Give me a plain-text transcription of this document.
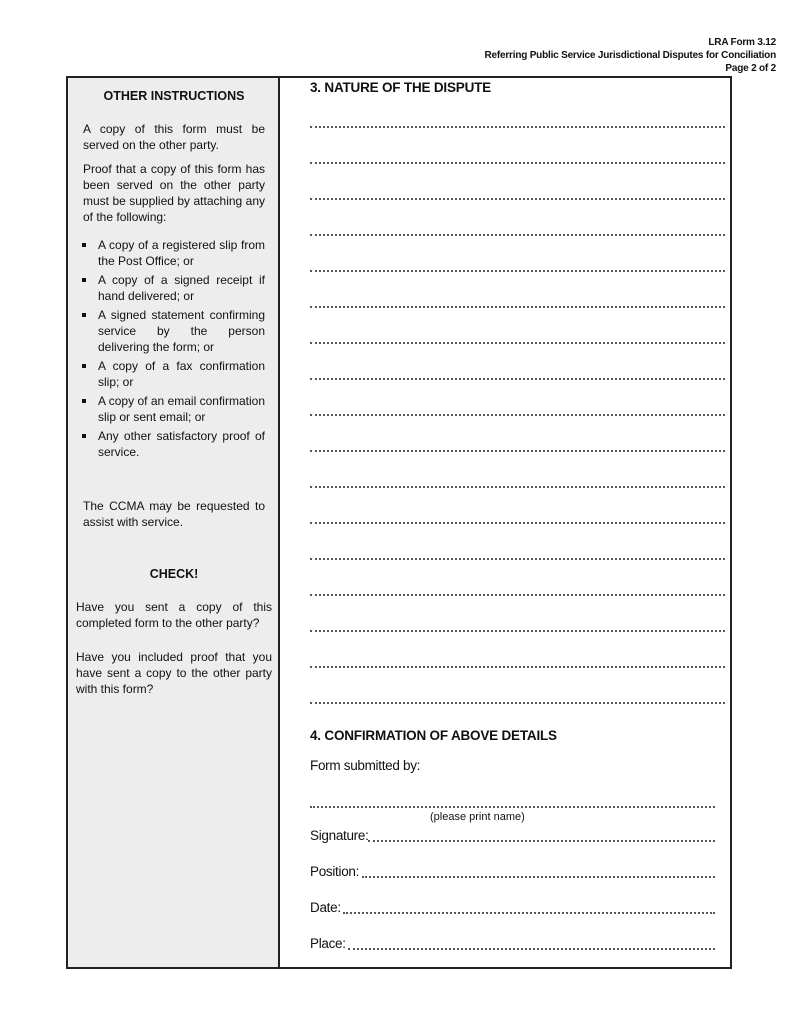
LRA Form 3.12
Referring Public Service Jurisdictional Disputes for Conciliation
Page 2 of 2
OTHER INSTRUCTIONS
A copy of this form must be served on the other party.
Proof that a copy of this form has been served on the other party must be supplied by attaching any of the following:
A copy of a registered slip from the Post Office; or
A copy of a signed receipt if hand delivered; or
A signed statement confirming service by the person delivering the form; or
A copy of a fax confirmation slip; or
A copy of an email confirmation slip or sent email; or
Any other satisfactory proof of service.
The CCMA may be requested to assist with service.
CHECK!
Have you sent a copy of this completed form to the other party?
Have you included proof that you have sent a copy to the other party with this form?
3. NATURE OF THE DISPUTE
4. CONFIRMATION OF ABOVE DETAILS
Form submitted by:
(please print name)
Signature:
Position:
Date:
Place:
